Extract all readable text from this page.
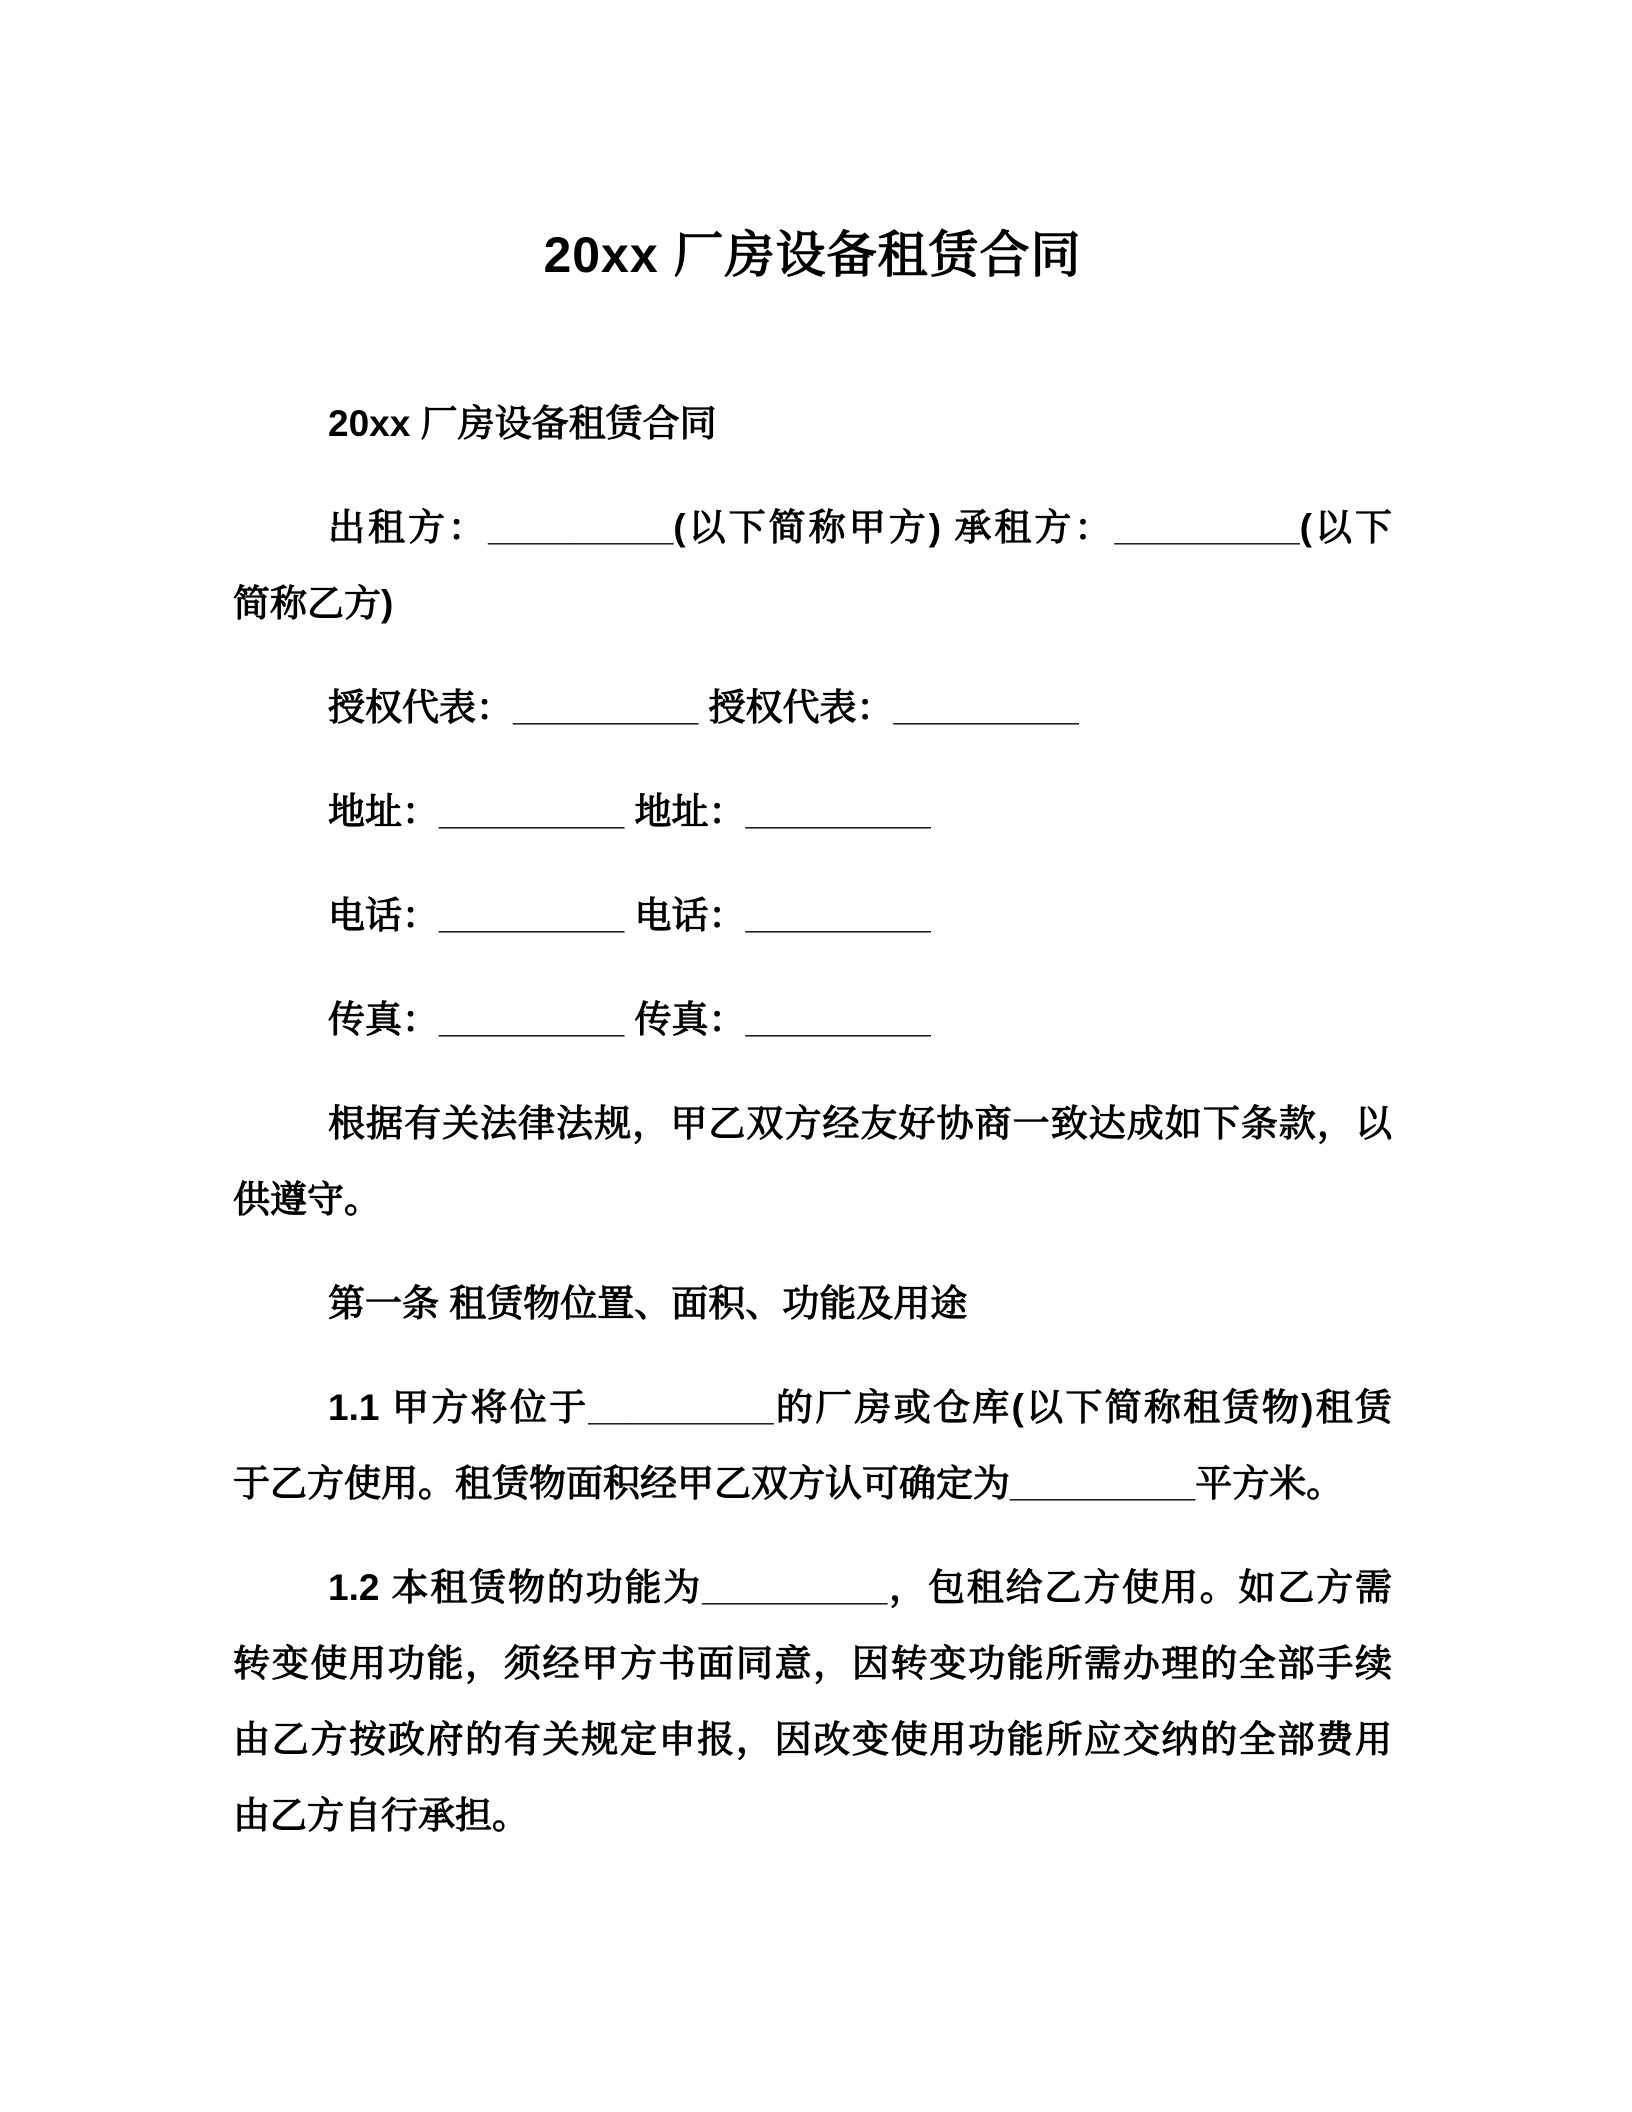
20xx 厂房设备租赁合同
20xx 厂房设备租赁合同
出租方：_________(以下简称甲方) 承租方：_________(以下
简称乙方)
授权代表：_________ 授权代表：_________
地址：_________ 地址：_________
电话：_________ 电话：_________
传真：_________ 传真：_________
根据有关法律法规，甲乙双方经友好协商一致达成如下条款，以
供遵守。
第一条 租赁物位置、面积、功能及用途
1.1 甲方将位于_________的厂房或仓库(以下简称租赁物)租赁
于乙方使用。租赁物面积经甲乙双方认可确定为_________平方米。
1.2 本租赁物的功能为_________，包租给乙方使用。如乙方需
转变使用功能，须经甲方书面同意，因转变功能所需办理的全部手续
由乙方按政府的有关规定申报，因改变使用功能所应交纳的全部费用
由乙方自行承担。
